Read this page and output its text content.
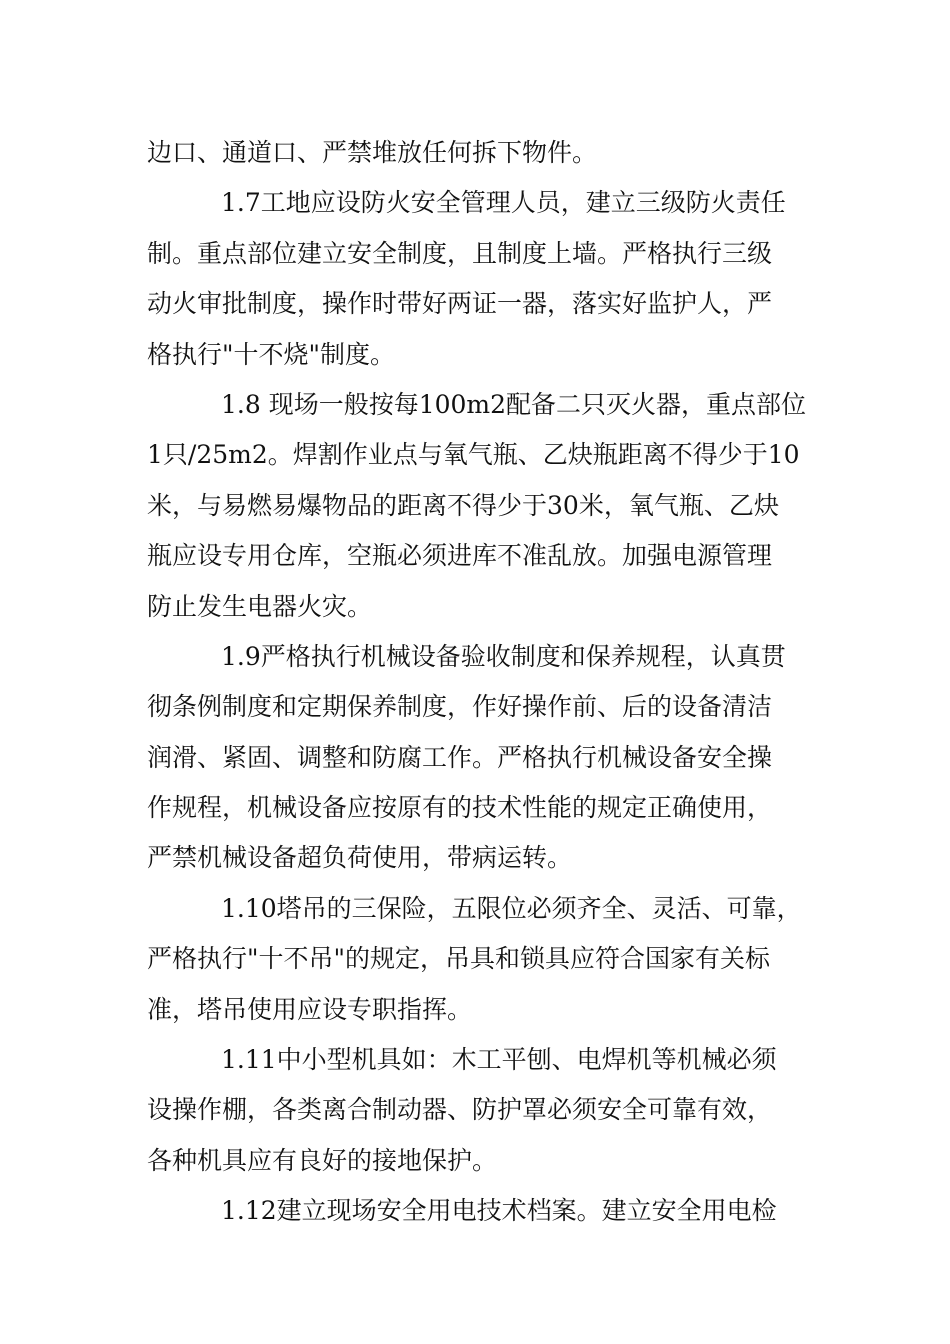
边口、通道口、严禁堆放任何拆下物件。
1.7工地应设防火安全管理人员，建立三级防火责任
制。重点部位建立安全制度，且制度上墙。严格执行三级
动火审批制度，操作时带好两证一器，落实好监护人，严
格执行"十不烧"制度。
1.8 现场一般按每100m2配备二只灭火器，重点部位
1只/25m2。焊割作业点与氧气瓶、乙炔瓶距离不得少于10
米，与易燃易爆物品的距离不得少于30米，氧气瓶、乙炔
瓶应设专用仓库，空瓶必须进库不准乱放。加强电源管理
防止发生电器火灾。
1.9严格执行机械设备验收制度和保养规程，认真贯
彻条例制度和定期保养制度，作好操作前、后的设备清洁
润滑、紧固、调整和防腐工作。严格执行机械设备安全操
作规程，机械设备应按原有的技术性能的规定正确使用，
严禁机械设备超负荷使用，带病运转。
1.10塔吊的三保险，五限位必须齐全、灵活、可靠，
严格执行"十不吊"的规定，吊具和锁具应符合国家有关标
准，塔吊使用应设专职指挥。
1.11中小型机具如：木工平刨、电焊机等机械必须
设操作棚，各类离合制动器、防护罩必须安全可靠有效，
各种机具应有良好的接地保护。
1.12建立现场安全用电技术档案。建立安全用电检
